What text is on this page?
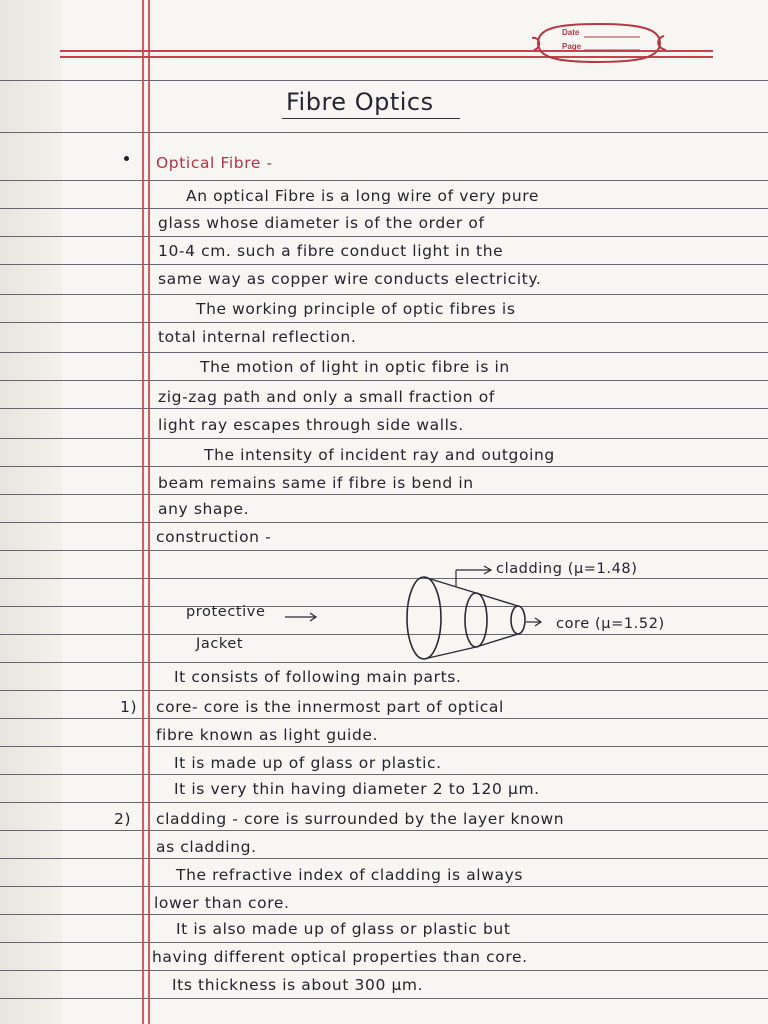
Date
Page
Fibre Optics
Optical Fibre -
An optical Fibre is a long wire of very pure
glass whose diameter is of the order of
10-4 cm. such a fibre conduct light in the
same way as copper wire conducts electricity.
The working principle of optic fibres is
total internal reflection.
The motion of light in optic fibre is in
zig-zag path and only a small fraction of
light ray escapes through side walls.
The intensity of incident ray and outgoing
beam remains same if fibre is bend in
any shape.
construction -
cladding (μ=1.48)
core (μ=1.52)
protective
Jacket
It consists of following main parts.
1) core- core is the innermost part of optical
fibre known as light guide.
It is made up of glass or plastic.
It is very thin having diameter 2 to 120 μm.
2) cladding - core is surrounded by the layer known
as cladding.
The refractive index of cladding is always
lower than core.
It is also made up of glass or plastic but
having different optical properties than core.
Its thickness is about 300 μm.
